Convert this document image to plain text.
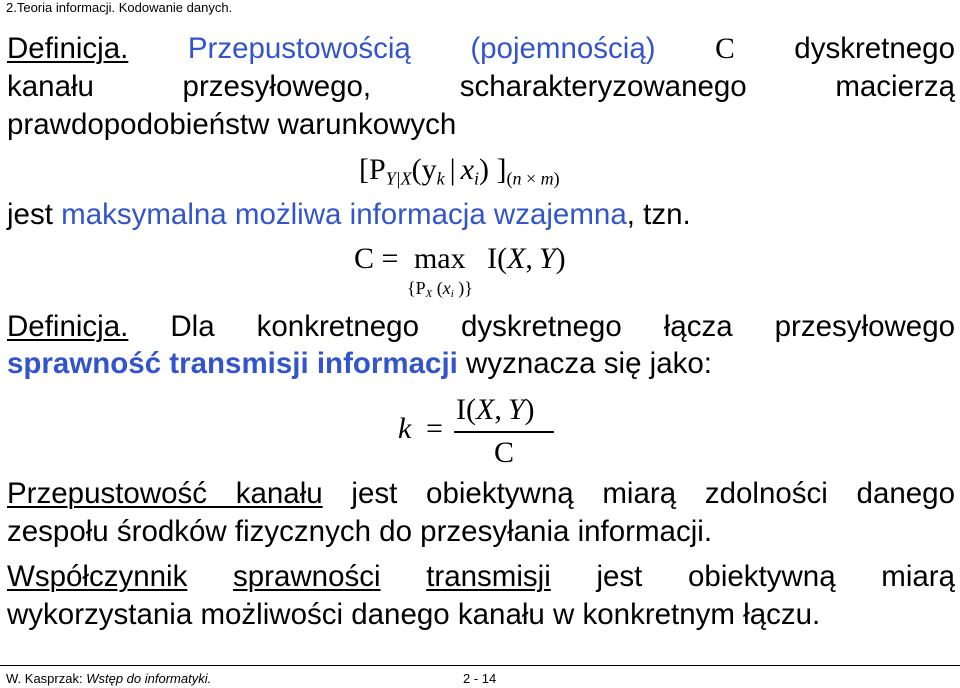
2.Teoria informacji. Kodowanie danych.
Definicja. Przepustowością (pojemnością) C dyskretnego
kanału	przesyłowego,	scharakteryzowanego	macierzą
prawdopodobieństw warunkowych
[$P_{Y|X}(y_k$ | $x_i$) ]$_{(n \times m)}$
jest maksymalna możliwa informacja wzajemna, tzn.
C = max I(X, Y)
{$P_X$ ($x_i$ )}
Definicja. Dla konkretnego dyskretnego łącza przesyłowego
sprawność transmisji informacji wyznacza się jako:
k =
I(X, Y)
C
Przepustowość kanału jest obiektywną miarą zdolności danego
zespołu środków fizycznych do przesyłania informacji.
Współczynnik sprawności transmisji jest obiektywną miarą
wykorzystania możliwości danego kanału w konkretnym łączu.
W. Kasprzak: Wstęp do informatyki.	2 - 14
